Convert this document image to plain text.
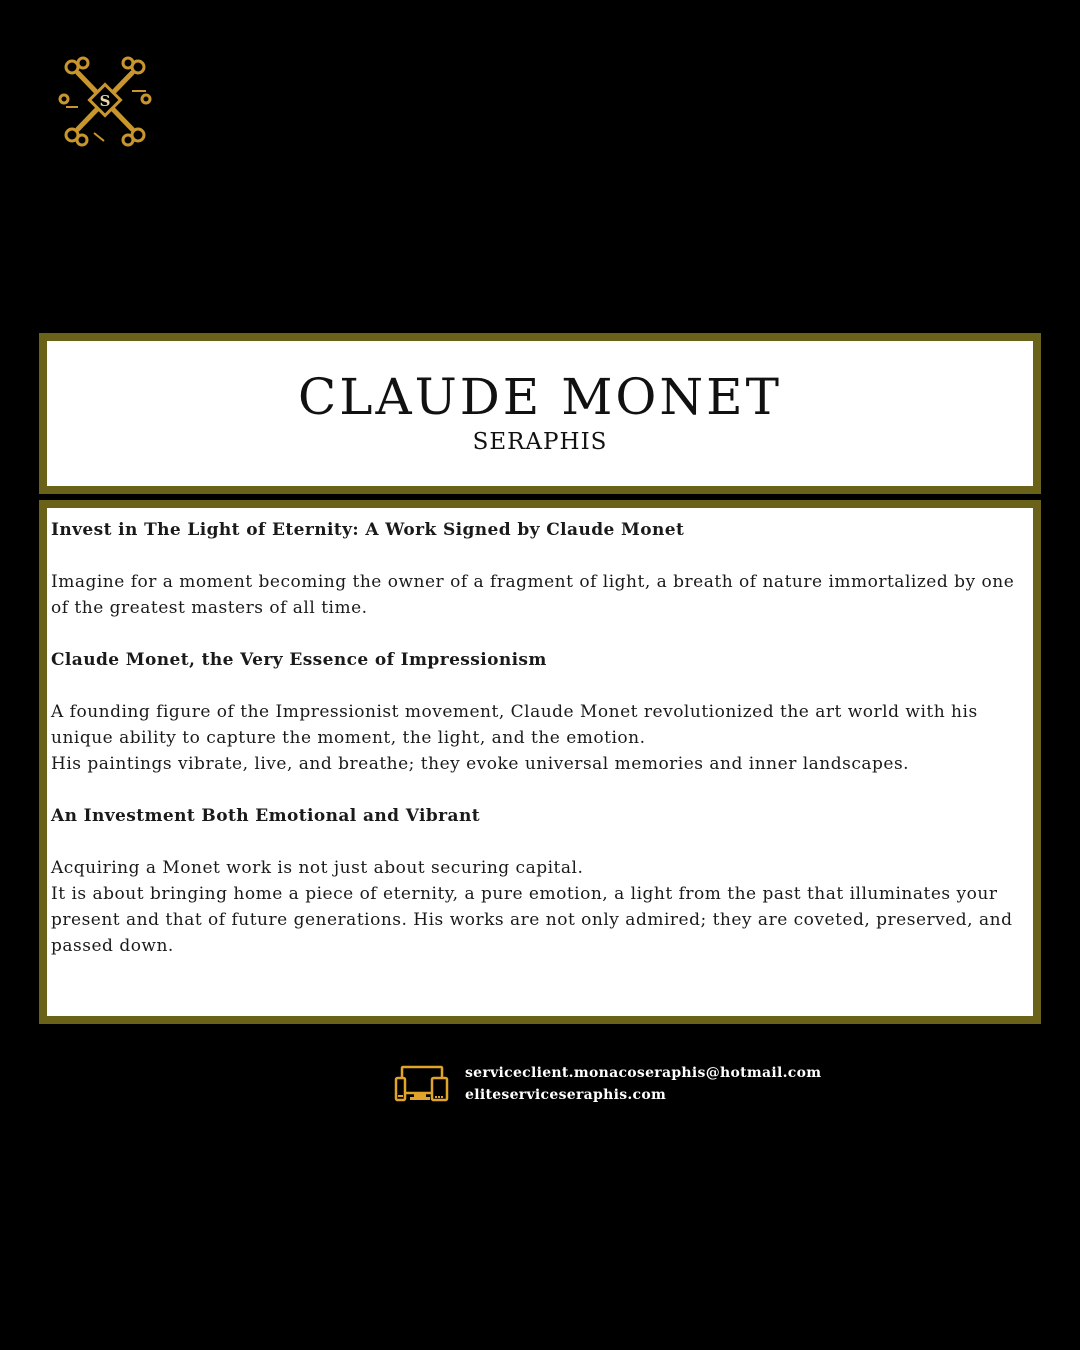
S
CLAUDE MONET
SERAPHIS

Invest in The Light of Eternity: A Work Signed by Claude Monet

Imagine for a moment becoming the owner of a fragment of light, a breath of nature immortalized by one of the greatest masters of all time.

Claude Monet, the Very Essence of Impressionism

A founding figure of the Impressionist movement, Claude Monet revolutionized the art world with his unique ability to capture the moment, the light, and the emotion.

His paintings vibrate, live, and breathe; they evoke universal memories and inner landscapes.

An Investment Both Emotional and Vibrant

Acquiring a Monet work is not just about securing capital.

It is about bringing home a piece of eternity, a pure emotion, a light from the past that illuminates your present and that of future generations. His works are not only admired; they are coveted, preserved, and passed down.

serviceclient.monacoseraphis@hotmail.com
eliteserviceseraphis.com
